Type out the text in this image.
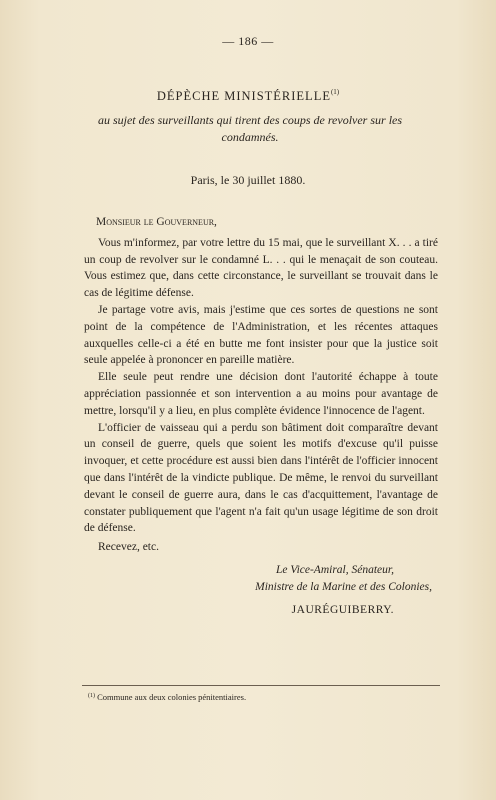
— 186 —
DÉPÈCHE MINISTÉRIELLE$^{(1)}$
au sujet des surveillants qui tirent des coups de revolver sur les condamnés.
Paris, le 30 juillet 1880.

Monsieur le Gouverneur,

Vous m'informez, par votre lettre du 15 mai, que le surveillant X. . . a tiré un coup de revolver sur le condamné L. . . qui le menaçait de son couteau. Vous estimez que, dans cette circonstance, le surveillant se trouvait dans le cas de légitime défense.

Je partage votre avis, mais j'estime que ces sortes de questions ne sont point de la compétence de l'Administration, et les récentes attaques auxquelles celle-ci a été en butte me font insister pour que la justice soit seule appelée à prononcer en pareille matière.

Elle seule peut rendre une décision dont l'autorité échappe à toute appréciation passionnée et son intervention a au moins pour avantage de mettre, lorsqu'il y a lieu, en plus complète évidence l'innocence de l'agent.

L'officier de vaisseau qui a perdu son bâtiment doit comparaître devant un conseil de guerre, quels que soient les motifs d'excuse qu'il puisse invoquer, et cette procédure est aussi bien dans l'intérêt de l'officier innocent que dans l'intérêt de la vindicte publique. De même, le renvoi du surveillant devant le conseil de guerre aura, dans le cas d'acquittement, l'avantage de constater publiquement que l'agent n'a fait qu'un usage légitime de son droit de défense.

Recevez, etc.

Le Vice-Amiral, Sénateur,
Ministre de la Marine et des Colonies,
JAURÉGUIBERRY.
$^{(1)}$ Commune aux deux colonies pénitentiaires.
